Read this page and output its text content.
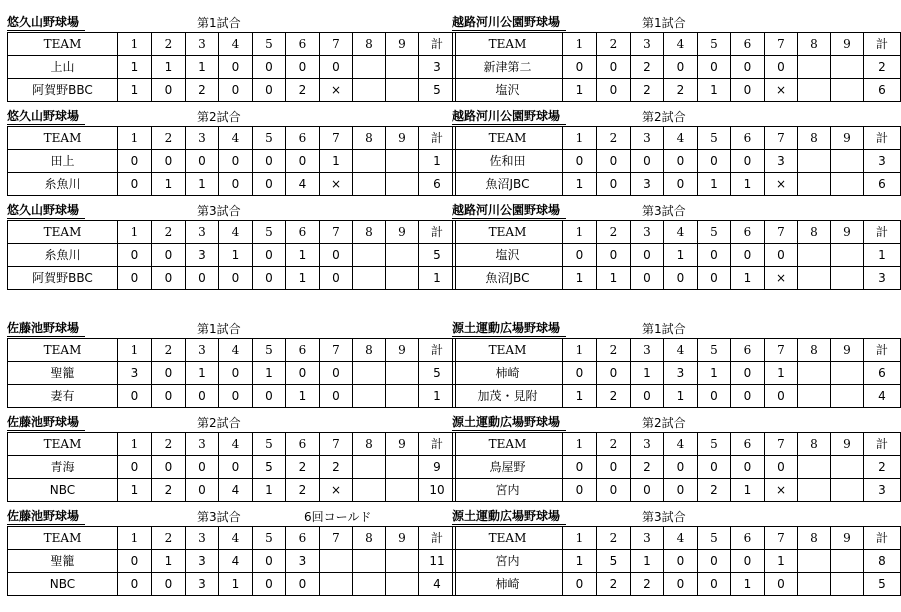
悠久山野球場	第1試合
TEAM	1	2	3	4	5	6	7	8	9	計
上山	1	1	1	0	0	0	0			3
阿賀野BBC	1	0	2	0	0	2	×			5
越路河川公園野球場	第1試合
TEAM	1	2	3	4	5	6	7	8	9	計
新津第二	0	0	2	0	0	0	0			2
塩沢	1	0	2	2	1	0	×			6
悠久山野球場	第2試合
TEAM	1	2	3	4	5	6	7	8	9	計
田上	0	0	0	0	0	0	1			1
糸魚川	0	1	1	0	0	4	×			6
越路河川公園野球場	第2試合
TEAM	1	2	3	4	5	6	7	8	9	計
佐和田	0	0	0	0	0	0	3			3
魚沼JBC	1	0	3	0	1	1	×			6
悠久山野球場	第3試合
TEAM	1	2	3	4	5	6	7	8	9	計
糸魚川	0	0	3	1	0	1	0			5
阿賀野BBC	0	0	0	0	0	1	0			1
越路河川公園野球場	第3試合
TEAM	1	2	3	4	5	6	7	8	9	計
塩沢	0	0	0	1	0	0	0			1
魚沼JBC	1	1	0	0	0	1	×			3
佐藤池野球場	第1試合
TEAM	1	2	3	4	5	6	7	8	9	計
聖籠	3	0	1	0	1	0	0			5
妻有	0	0	0	0	0	1	0			1
源土運動広場野球場	第1試合
TEAM	1	2	3	4	5	6	7	8	9	計
柿崎	0	0	1	3	1	0	1			6
加茂・見附	1	2	0	1	0	0	0			4
佐藤池野球場	第2試合
TEAM	1	2	3	4	5	6	7	8	9	計
青海	0	0	0	0	5	2	2			9
NBC	1	2	0	4	1	2	×			10
源土運動広場野球場	第2試合
TEAM	1	2	3	4	5	6	7	8	9	計
鳥屋野	0	0	2	0	0	0	0			2
宮内	0	0	0	0	2	1	×			3
佐藤池野球場	第3試合	6回コールド
TEAM	1	2	3	4	5	6	7	8	9	計
聖籠	0	1	3	4	0	3				11
NBC	0	0	3	1	0	0				4
源土運動広場野球場	第3試合
TEAM	1	2	3	4	5	6	7	8	9	計
宮内	1	5	1	0	0	0	1			8
柿崎	0	2	2	0	0	1	0			5
